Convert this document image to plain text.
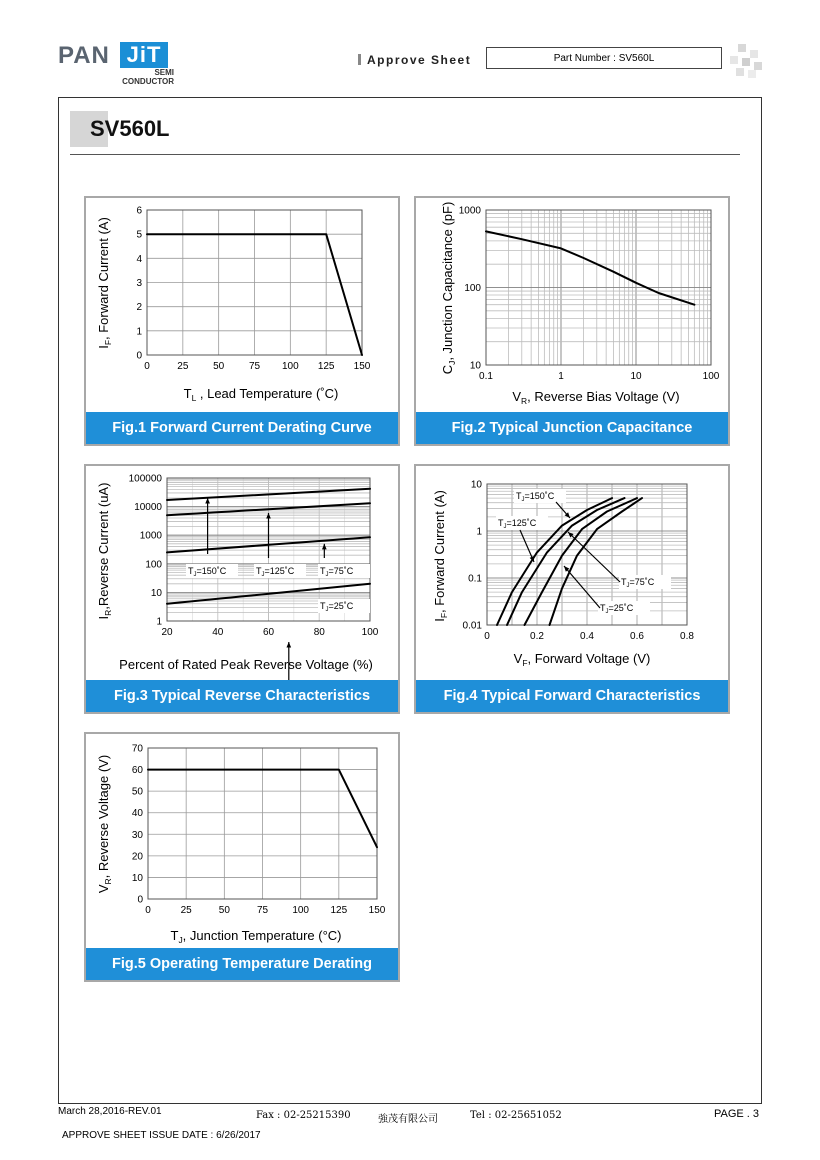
PAN JiT
SEMI
CONDUCTOR
Approve Sheet	Part Number : SV560L
SV560L
0	25 50 75 100 125 150
0
1
2
3
4
5
6
$I_F$, Forward Current (A)
$T_L$ , Lead Temperature (˚C)
Fig.1 Forward Current Derating Curve
0.1	1	10	100
10
100
1000
$C_J$, Junction Capacitance (pF)
$V_R$, Reverse Bias Voltage (V)
Fig.2 Typical Junction Capacitance
20	40	60	80	100
1
10
100
1000
10000
100000
$I_R,Reverse$ Current (uA)
Percent of Rated Peak Reverse Voltage (%)
$T_J=150˚C$	$T_J=125˚C$	$T_J=75˚C$
$T_J=25˚C$
Fig.3 Typical Reverse Characteristics
0	0.2	0.4	0.6	0.8
0.01
0.1
1
10
$I_F$, Forward Current (A)
$V_F$, Forward Voltage (V)
$T_J=150˚C$
$T_J=125˚C$
$T_J=75˚C$
$T_J=25˚C$
Fig.4 Typical Forward Characteristics
0	25	50	75 100 125 150
0
10
20
30
40
50
60
70
$V_R$, Reverse Voltage (V)
$T_J$, Junction Temperature (°C)
Fig.5 Operating Temperature Derating
March 28,2016-REV.01	Fax : 02-25215390	強茂有限公司	Tel : 02-25651052	PAGE . 3
APPROVE SHEET ISSUE DATE : 6/26/2017
